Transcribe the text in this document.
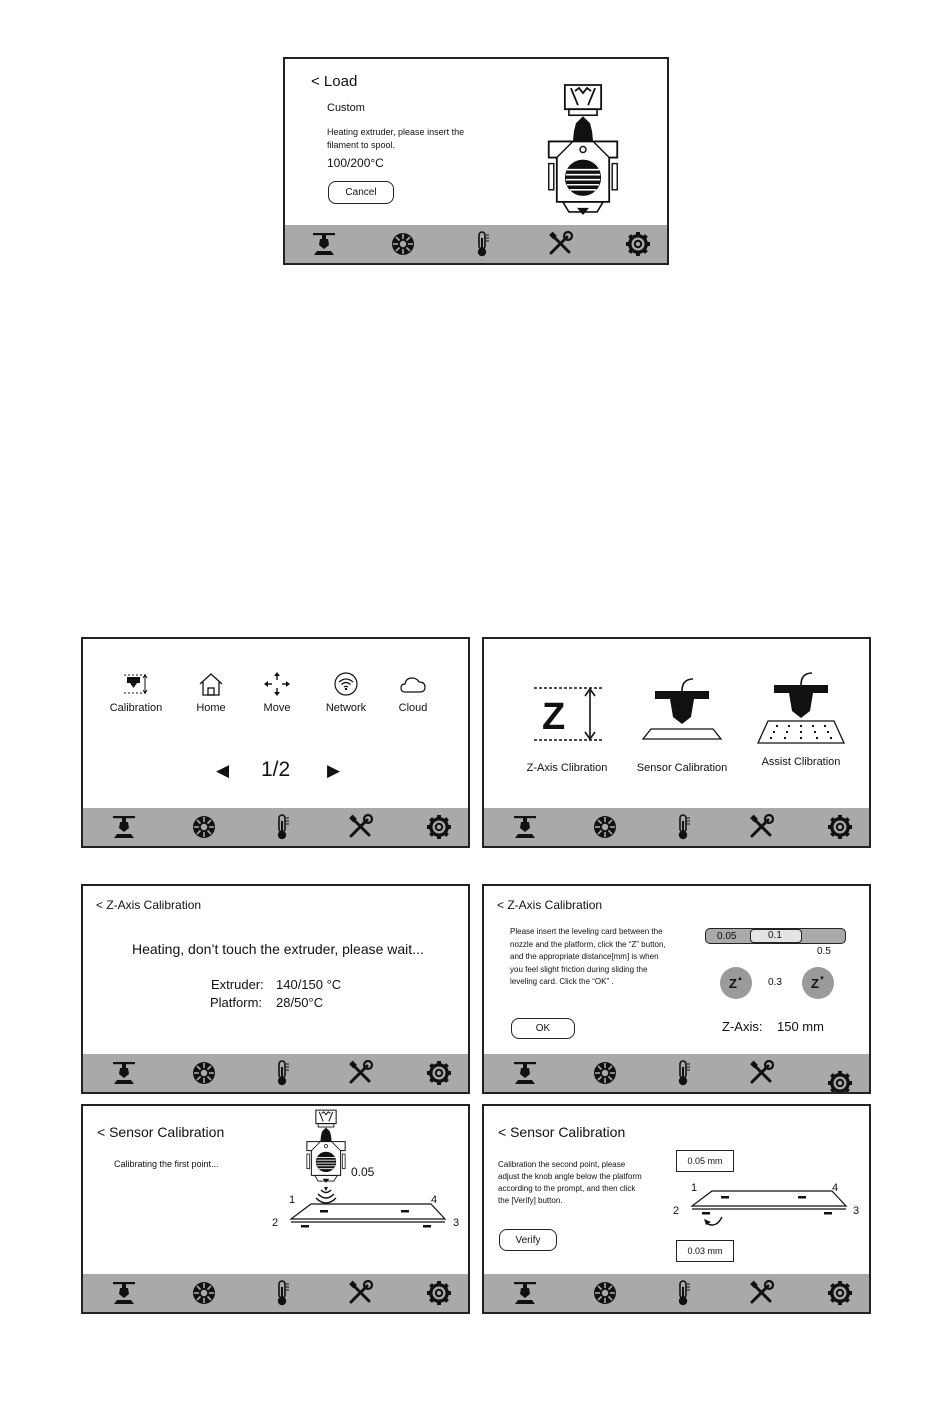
< Load
Custom
Heating extruder, please insert the filament to spool.
100/200°C
Cancel
Calibration	Home	Move	Network	Cloud
◀ 1/2 ▶
Z
Z-Axis Clibration	Sensor Calibration	Assist Clibration
< Z-Axis Calibration
Heating, don’t touch the extruder, please wait...
Extruder: 140/150 °C
Platform: 28/50°C
< Z-Axis Calibration
Please insert the leveling card between the nozzle and the platform, click the “Z” button, and the appropriate distance[mm] is when you feel slight friction during sliding the leveling card. Click the “OK” .
OK
0.05	0.1
0.5
Z ▲	0.3 Z ▼
Z-Axis: 150 mm
< Sensor Calibration
Calibrating the first point...
0.05
1
2	3
4
< Sensor Calibration
Calibration the second point, please adjust the knob angle below the platform according to the prompt, and then click the [Verify] button.
Verify
0.05 mm
0.03 mm
1
2	3
4
